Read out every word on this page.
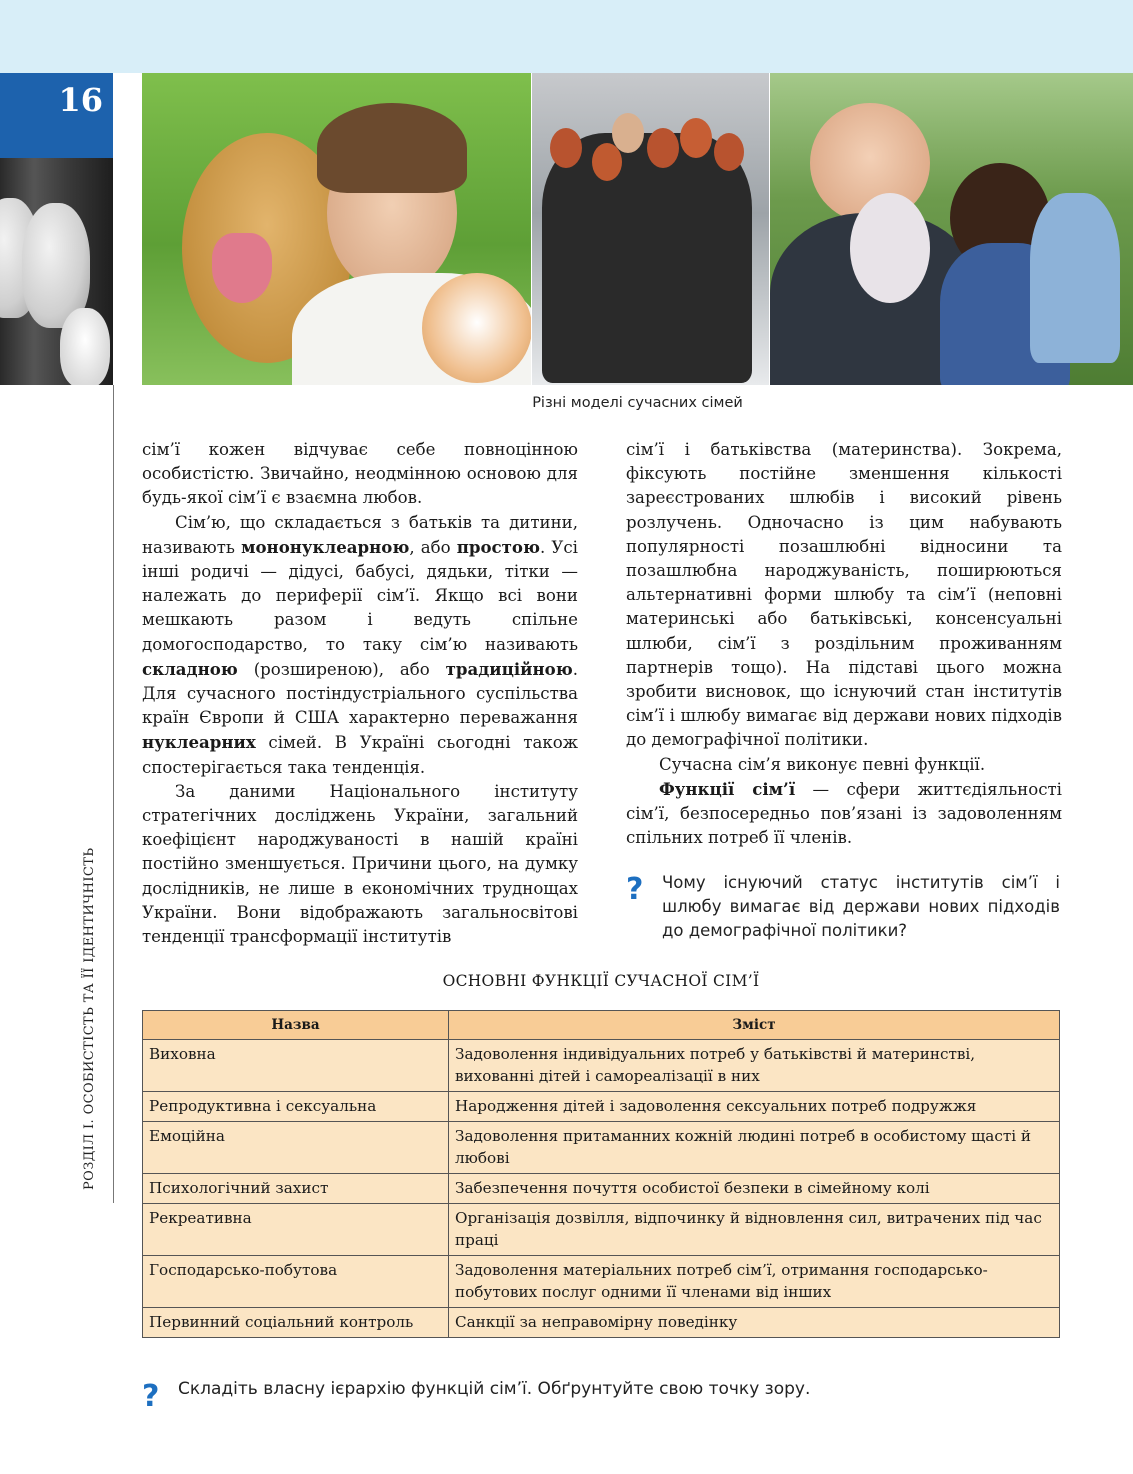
16
РОЗДІЛ І. ОСОБИСТІСТЬ ТА ЇЇ ІДЕНТИЧНІСТЬ
Різні моделі сучасних сімей

сім’ї кожен відчуває себе повноцінною особистістю. Звичайно, неодмінною основою для будь-якої сім’ї є взаємна любов.

Сім’ю, що складається з батьків та дитини, називають мононуклеарною, або простою. Усі інші родичі — дідусі, бабусі, дядьки, тітки — належать до периферії сім’ї. Якщо всі вони мешкають разом і ведуть спільне домогосподарство, то таку сім’ю називають складною (розширеною), або традиційною. Для сучасного постіндустріального суспільства країн Європи й США характерно переважання нуклеарних сімей. В Україні сьогодні також спостерігається така тенденція.

За даними Національного інституту стратегічних досліджень України, загальний коефіцієнт народжуваності в нашій країні постійно зменшується. Причини цього, на думку дослідників, не лише в економічних труднощах України. Вони відображають загальносвітові тенденції трансформації інститутів

сім’ї і батьківства (материнства). Зокрема, фіксують постійне зменшення кількості зареєстрованих шлюбів і високий рівень розлучень. Одночасно із цим набувають популярності позашлюбні відносини та позашлюбна народжуваність, поширюються альтернативні форми шлюбу та сім’ї (неповні материнські або батьківські, консенсуальні шлюби, сім’ї з роздільним проживанням партнерів тощо). На підставі цього можна зробити висновок, що існуючий стан інститутів сім’ї і шлюбу вимагає від держави нових підходів до демографічної політики.

Сучасна сім’я виконує певні функції.

Функції сім’ї — сфери життєдіяльності сім’ї, безпосередньо пов’язані із задоволенням спільних потреб її членів.

? Чому існуючий статус інститутів сім’ї і шлюбу вимагає від держави нових підходів до демографічної політики?
ОСНОВНІ ФУНКЦІЇ СУЧАСНОЇ СІМ’Ї
Назва	Зміст
Виховна	Задоволення індивідуальних потреб у батьківстві й материнстві, вихованні дітей і самореалізації в них
Репродуктивна і сексуальна	Народження дітей і задоволення сексуальних потреб подружжя
Емоційна	Задоволення притаманних кожній людині потреб в особистому щасті й любові
Психологічний захист	Забезпечення почуття особистої безпеки в сімейному колі
Рекреативна	Організація дозвілля, відпочинку й відновлення сил, витрачених під час праці
Господарсько-побутова	Задоволення матеріальних потреб сім’ї, отримання господарсько-побутових послуг одними її членами від інших
Первинний соціальний контроль	Санкції за неправомірну поведінку
? Складіть власну ієрархію функцій сім’ї. Обґрунтуйте свою точку зору.
